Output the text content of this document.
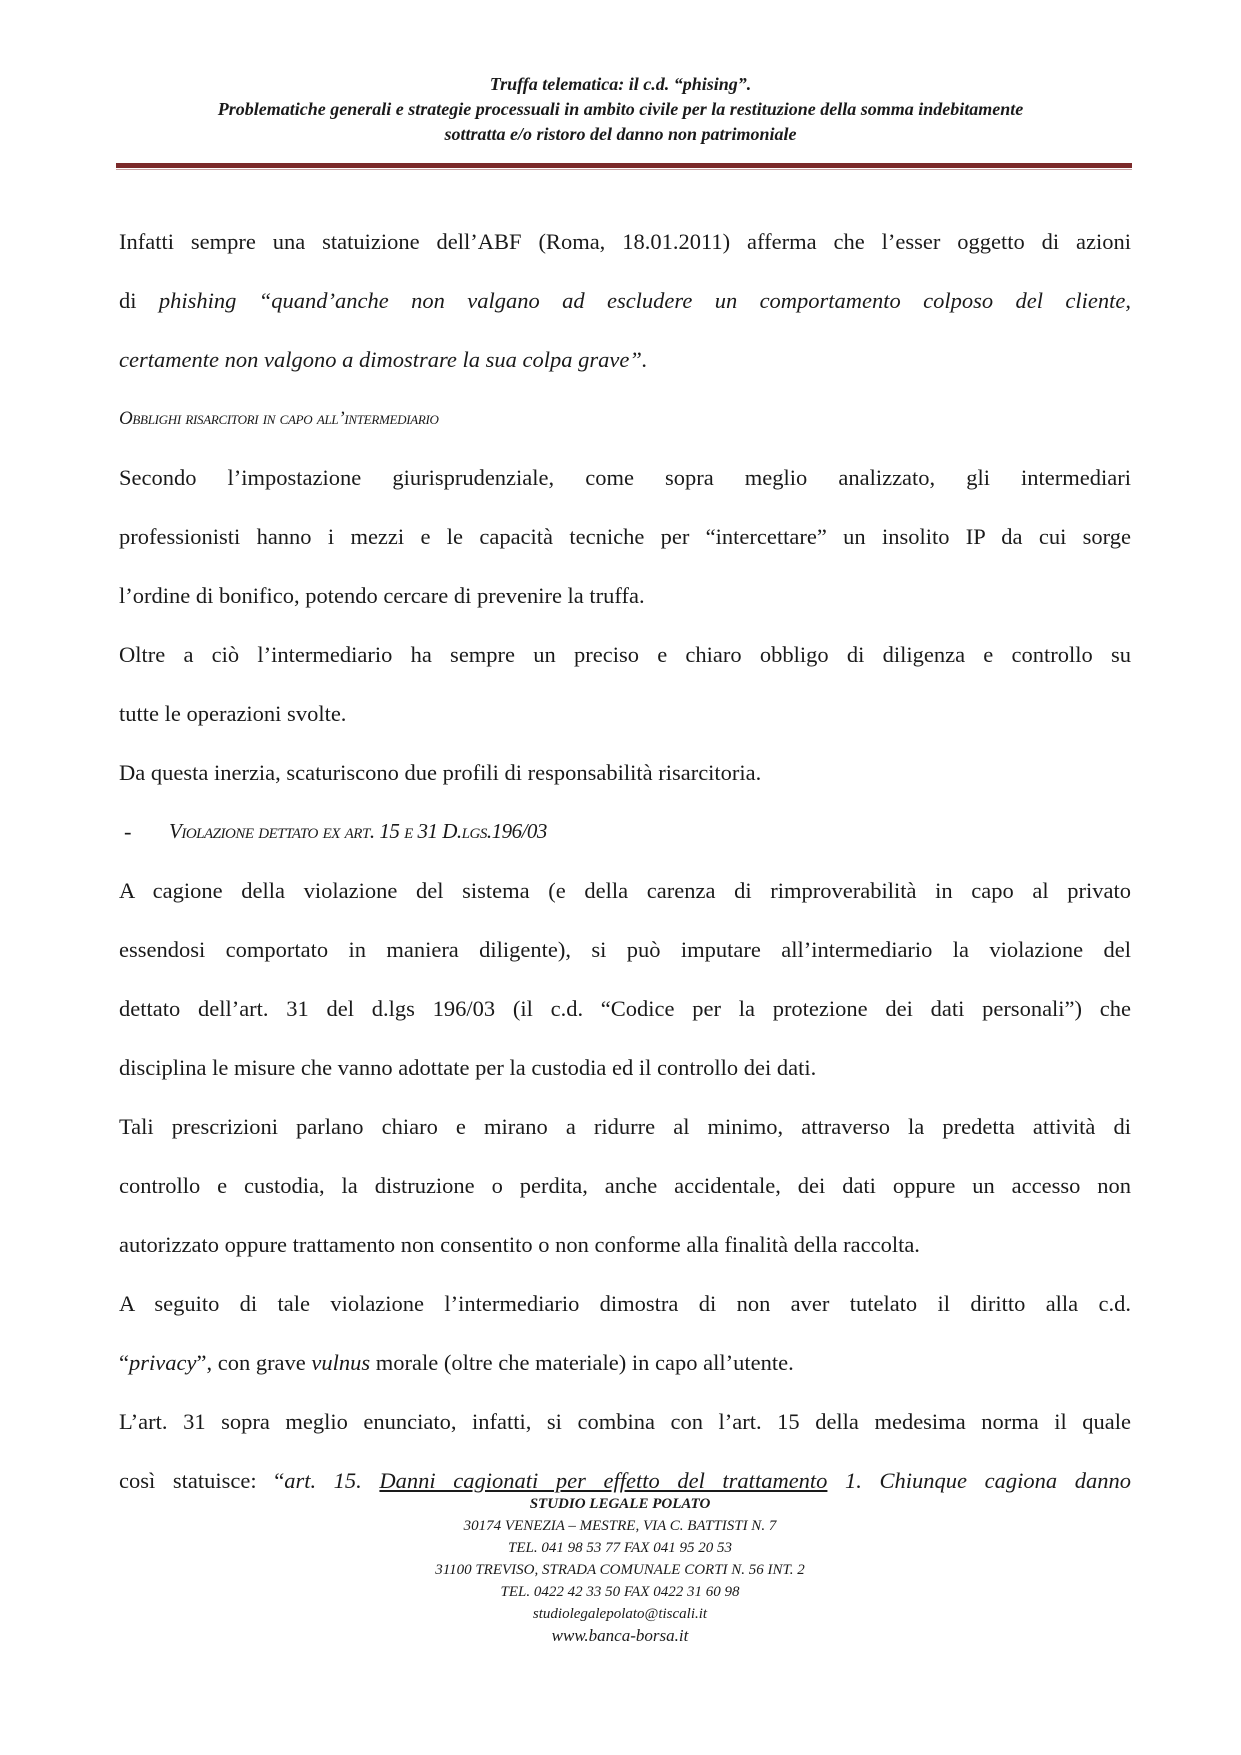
Truffa telematica: il c.d. “phising”.
Problematiche generali e strategie processuali in ambito civile per la restituzione della somma indebitamente
sottratta e/o ristoro del danno non patrimoniale
Infatti sempre una statuizione dell’ABF (Roma, 18.01.2011) afferma che l’esser oggetto di azioni
di phishing “quand’anche non valgano ad escludere un comportamento colposo del cliente,
certamente non valgono a dimostrare la sua colpa grave”.
Obblighi risarcitori in capo all’intermediario
Secondo l’impostazione giurisprudenziale, come sopra meglio analizzato, gli intermediari
professionisti hanno i mezzi e le capacità tecniche per “intercettare” un insolito IP da cui sorge
l’ordine di bonifico, potendo cercare di prevenire la truffa.
Oltre a ciò l’intermediario ha sempre un preciso e chiaro obbligo di diligenza e controllo su
tutte le operazioni svolte.
Da questa inerzia, scaturiscono due profili di responsabilità risarcitoria.
-	Violazione dettato ex art. 15 e 31 D.lgs.196/03
A cagione della violazione del sistema (e della carenza di rimproverabilità in capo al privato
essendosi comportato in maniera diligente), si può imputare all’intermediario la violazione del
dettato dell’art. 31 del d.lgs 196/03 (il c.d. “Codice per la protezione dei dati personali”) che
disciplina le misure che vanno adottate per la custodia ed il controllo dei dati.
Tali prescrizioni parlano chiaro e mirano a ridurre al minimo, attraverso la predetta attività di
controllo e custodia, la distruzione o perdita, anche accidentale, dei dati oppure un accesso non
autorizzato oppure trattamento non consentito o non conforme alla finalità della raccolta.
A seguito di tale violazione l’intermediario dimostra di non aver tutelato il diritto alla c.d.
“privacy”, con grave vulnus morale (oltre che materiale) in capo all’utente.
L’art. 31 sopra meglio enunciato, infatti, si combina con l’art. 15 della medesima norma il quale
così statuisce: “art. 15. Danni cagionati per effetto del trattamento 1. Chiunque cagiona danno
STUDIO LEGALE POLATO
30174 VENEZIA – MESTRE, VIA C. BATTISTI N. 7
TEL. 041 98 53 77 FAX 041 95 20 53
31100 TREVISO, STRADA COMUNALE CORTI N. 56 INT. 2
TEL. 0422 42 33 50 FAX 0422 31 60 98
studiolegalepolato@tiscali.it
www.banca-borsa.it
